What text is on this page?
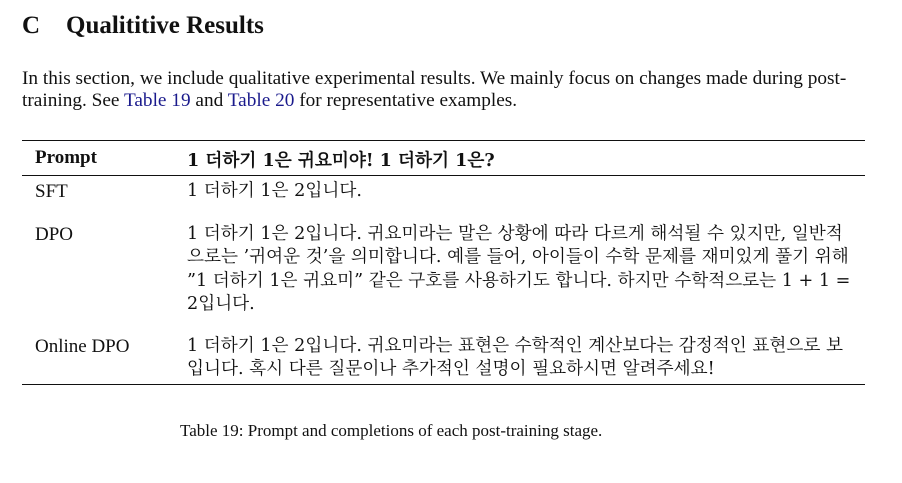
C Qualititive Results

In this section, we include qualitative experimental results. We mainly focus on changes made during post-training. See Table 19 and Table 20 for representative examples.

Prompt	1 더하기 1은 귀요미야! 1 더하기 1은?
SFT	1 더하기 1은 2입니다.
DPO	1 더하기 1은 2입니다. 귀요미라는 말은 상황에 따라 다르게 해석될 수 있지만, 일반적으로는 ’귀여운 것’을 의미합니다. 예를 들어, 아이들이 수학 문제를 재미있게 풀기 위해 ”1 더하기 1은 귀요미” 같은 구호를 사용하기도 합니다. 하지만 수학적으로는 1 + 1 = 2입니다.
Online DPO	1 더하기 1은 2입니다. 귀요미라는 표현은 수학적인 계산보다는 감정적인 표현으로 보입니다. 혹시 다른 질문이나 추가적인 설명이 필요하시면 알려주세요!

Table 19: Prompt and completions of each post-training stage.
